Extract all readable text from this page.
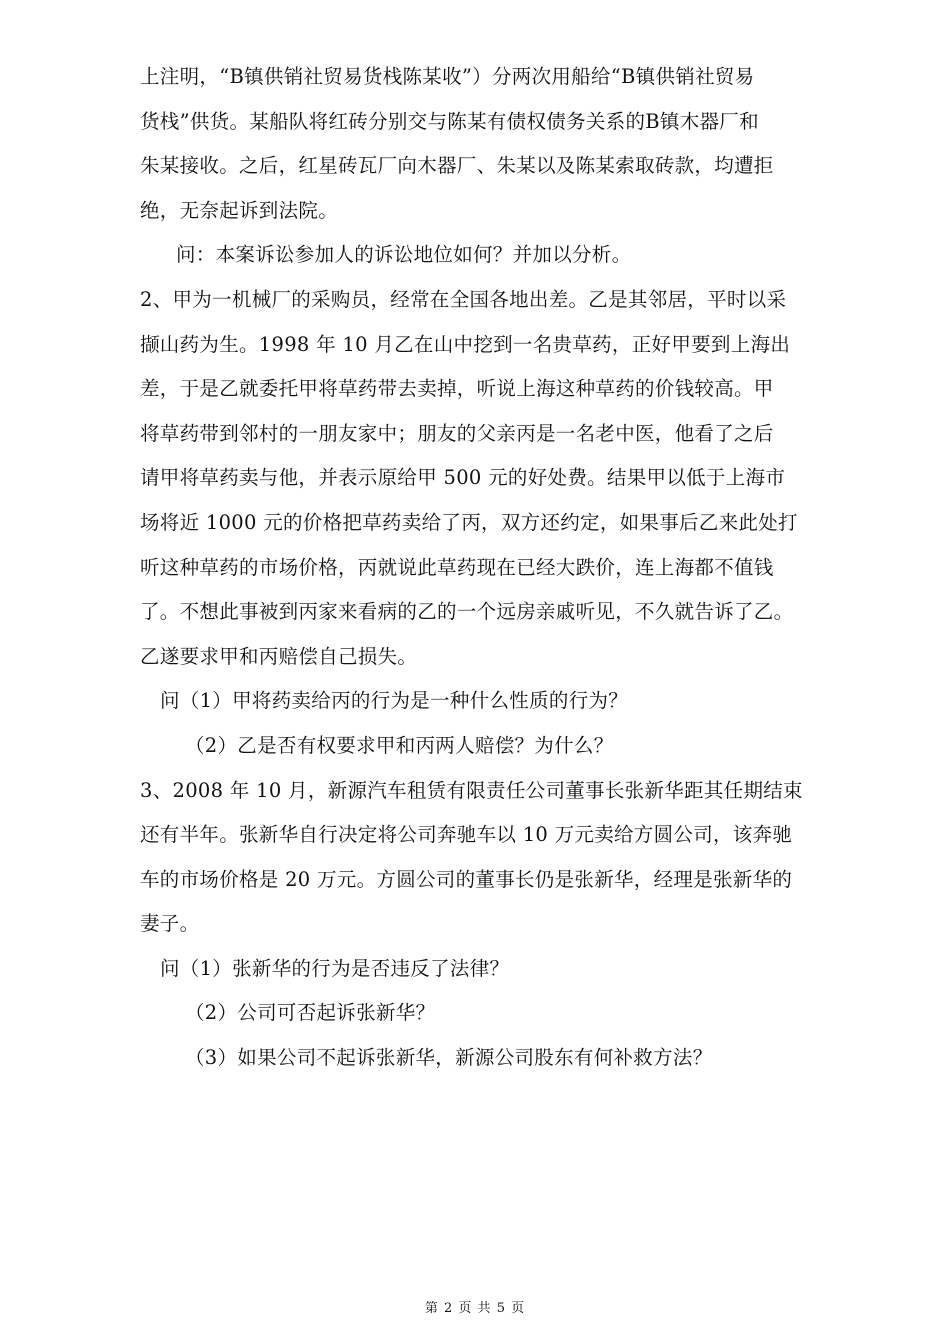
上注明，“B镇供销社贸易货栈陈某收”）分两次用船给“B镇供销社贸易
货栈”供货。某船队将红砖分别交与陈某有债权债务关系的B镇木器厂和
朱某接收。之后，红星砖瓦厂向木器厂、朱某以及陈某索取砖款，均遭拒
绝，无奈起诉到法院。
问：本案诉讼参加人的诉讼地位如何？并加以分析。
2、甲为一机械厂的采购员，经常在全国各地出差。乙是其邻居，平时以采
撷山药为生。1998 年 10 月乙在山中挖到一名贵草药，正好甲要到上海出
差，于是乙就委托甲将草药带去卖掉，听说上海这种草药的价钱较高。甲
将草药带到邻村的一朋友家中；朋友的父亲丙是一名老中医，他看了之后
请甲将草药卖与他，并表示原给甲 500 元的好处费。结果甲以低于上海市
场将近 1000 元的价格把草药卖给了丙，双方还约定，如果事后乙来此处打
听这种草药的市场价格，丙就说此草药现在已经大跌价，连上海都不值钱
了。不想此事被到丙家来看病的乙的一个远房亲戚听见，不久就告诉了乙。
乙遂要求甲和丙赔偿自己损失。
问（1）甲将药卖给丙的行为是一种什么性质的行为？
（2）乙是否有权要求甲和丙两人赔偿？为什么？
3、2008 年 10 月，新源汽车租赁有限责任公司董事长张新华距其任期结束
还有半年。张新华自行决定将公司奔驰车以 10 万元卖给方圆公司，该奔驰
车的市场价格是 20 万元。方圆公司的董事长仍是张新华，经理是张新华的
妻子。
问（1）张新华的行为是否违反了法律？
（2）公司可否起诉张新华？
（3）如果公司不起诉张新华，新源公司股东有何补救方法？
第 2 页 共 5 页
